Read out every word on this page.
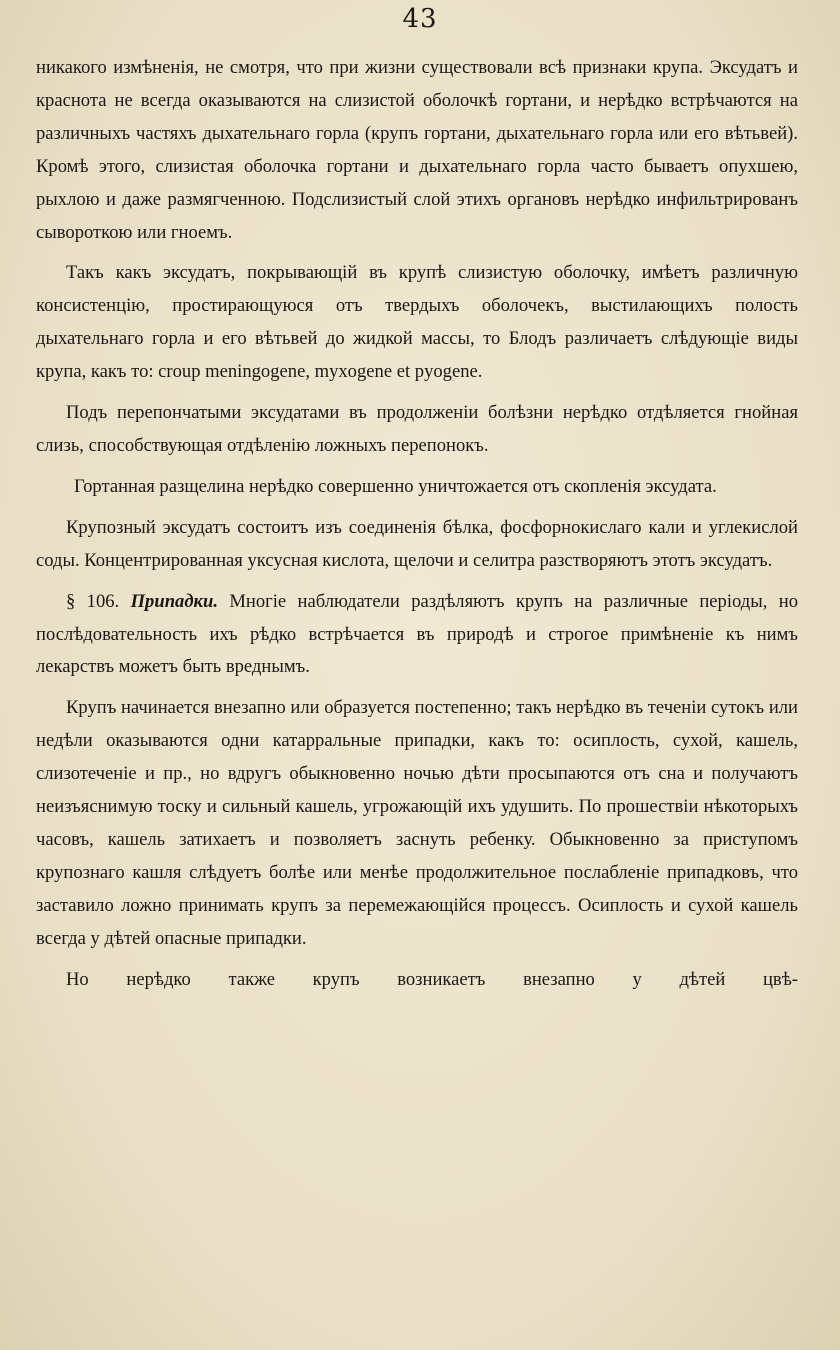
43

никакого измѣненія, не смотря, что при жизни существовали всѣ признаки крупа. Эксудатъ и краснота не всегда оказываются на слизистой оболочкѣ гортани, и нерѣдко встрѣчаются на различныхъ частяхъ дыхательнаго горла (крупъ гортани, дыхательнаго горла или его вѣтьвей). Кромѣ этого, слизистая оболочка гортани и дыхательнаго горла часто бываетъ опухшею, рыхлою и даже размягченною. Подслизистый слой этихъ органовъ нерѣдко инфильтрированъ сывороткою или гноемъ.

Такъ какъ эксудатъ, покрывающій въ крупѣ слизистую оболочку, имѣетъ различную консистенцію, простирающуюся отъ твердыхъ оболочекъ, выстилающихъ полость дыхательнаго горла и его вѣтьвей до жидкой массы, то Блодъ различаетъ слѣдующіе виды крупа, какъ то: croup meningogene, myxogene et pyogene.

Подъ перепончатыми эксудатами въ продолженіи болѣзни нерѣдко отдѣляется гнойная слизь, способствующая отдѣленію ложныхъ перепонокъ.

Гортанная разщелина нерѣдко совершенно уничтожается отъ скопленія эксудата.

Крупозный эксудатъ состоитъ изъ соединенія бѣлка, фосфорнокислаго кали и углекислой соды. Концентрированная уксусная кислота, щелочи и селитра разстворяютъ этотъ эксудатъ.

§ 106. Припадки. Многіе наблюдатели раздѣляютъ крупъ на различные періоды, но послѣдовательность ихъ рѣдко встрѣчается въ природѣ и строгое примѣненіе къ нимъ лекарствъ можетъ быть вреднымъ.

Крупъ начинается внезапно или образуется постепенно; такъ нерѣдко въ теченіи сутокъ или недѣли оказываются одни катарральные припадки, какъ то: осиплость, сухой, кашель, слизотеченіе и пр., но вдругъ обыкновенно ночью дѣти просыпаются отъ сна и получаютъ неизъяснимую тоску и сильный кашель, угрожающій ихъ удушить. По прошествіи нѣкоторыхъ часовъ, кашель затихаетъ и позволяетъ заснуть ребенку. Обыкновенно за приступомъ крупознаго кашля слѣдуетъ болѣе или менѣе продолжительное послабленіе припадковъ, что заставило ложно принимать крупъ за перемежающійся процессъ. Осиплость и сухой кашель всегда у дѣтей опасные припадки.

Но нерѣдко также крупъ возникаетъ внезапно у дѣтей цвѣ-
